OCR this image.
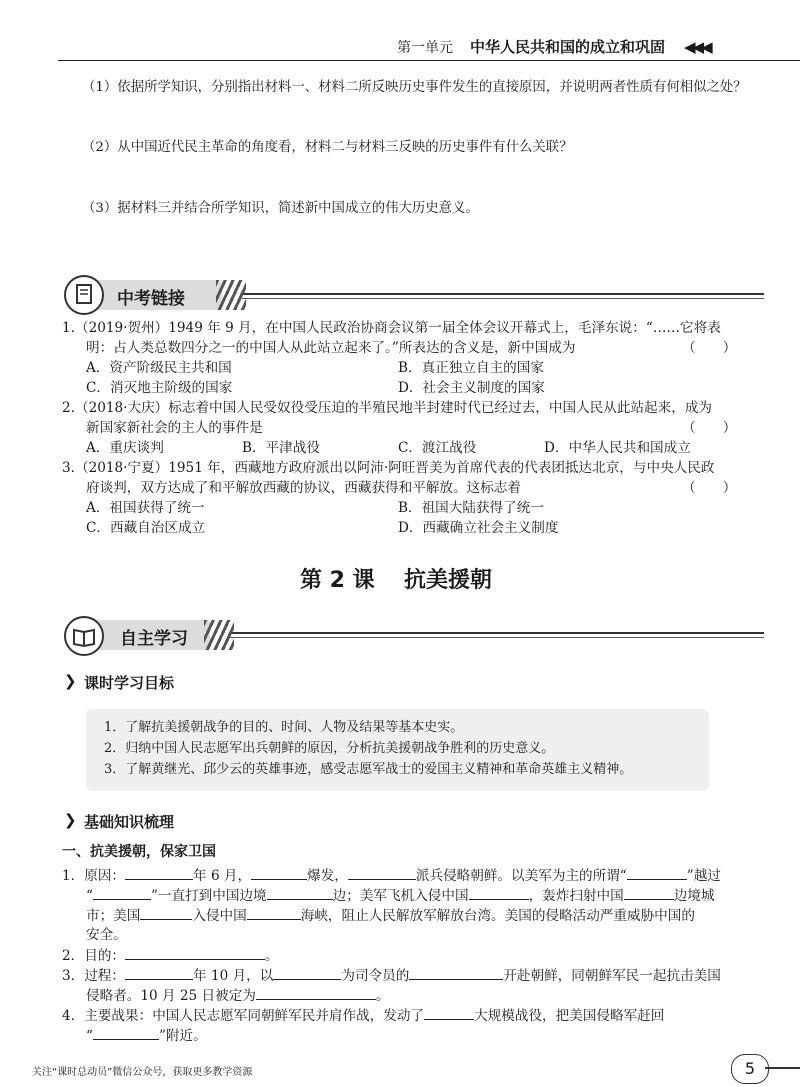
第一单元 中华人民共和国的成立和巩固 ◀◀◀
（1）依据所学知识，分别指出材料一、材料二所反映历史事件发生的直接原因，并说明两者性质有何相似之处？
（2）从中国近代民主革命的角度看，材料二与材料三反映的历史事件有什么关联？
（3）据材料三并结合所学知识，简述新中国成立的伟大历史意义。
中考链接
1.（2019·贺州）1949 年 9 月，在中国人民政治协商会议第一届全体会议开幕式上，毛泽东说：“……它将表
明：占人类总数四分之一的中国人从此站立起来了。”所表达的含义是，新中国成为	（　　）
A．资产阶级民主共和国	B．真正独立自主的国家
C．消灭地主阶级的国家	D．社会主义制度的国家
2.（2018·大庆）标志着中国人民受奴役受压迫的半殖民地半封建时代已经过去，中国人民从此站起来，成为
新国家新社会的主人的事件是	（　　）
A．重庆谈判	B．平津战役	C．渡江战役	D．中华人民共和国成立
3.（2018·宁夏）1951 年，西藏地方政府派出以阿沛·阿旺晋美为首席代表的代表团抵达北京，与中央人民政
府谈判，双方达成了和平解放西藏的协议，西藏获得和平解放。这标志着	（　　）
A．祖国获得了统一	B．祖国大陆获得了统一
C．西藏自治区成立	D．西藏确立社会主义制度
第 2 课 抗美援朝
自主学习
❯ 课时学习目标
1．了解抗美援朝战争的目的、时间、人物及结果等基本史实。
2．归纳中国人民志愿军出兵朝鲜的原因，分析抗美援朝战争胜利的历史意义。
3．了解黄继光、邱少云的英雄事迹，感受志愿军战士的爱国主义精神和革命英雄主义精神。
❯ 基础知识梳理
一、抗美援朝，保家卫国
1．原因：	年 6 月，	爆发，	派兵侵略朝鲜。以美军为主的所谓“	”越过
“	”一直打到中国边境	边；美军飞机入侵中国	，轰炸扫射中国	边境城
市；美国	入侵中国	海峡，阻止人民解放军解放台湾。美国的侵略活动严重威胁中国的
安全。
2．目的：	。
3．过程：	年 10 月，以	为司令员的	开赴朝鲜，同朝鲜军民一起抗击美国
侵略者。10 月 25 日被定为	。
4．主要战果：中国人民志愿军同朝鲜军民并肩作战，发动了	大规模战役，把美国侵略军赶回
“	”附近。
关注“课时总动员”微信公众号，获取更多教学资源	5
